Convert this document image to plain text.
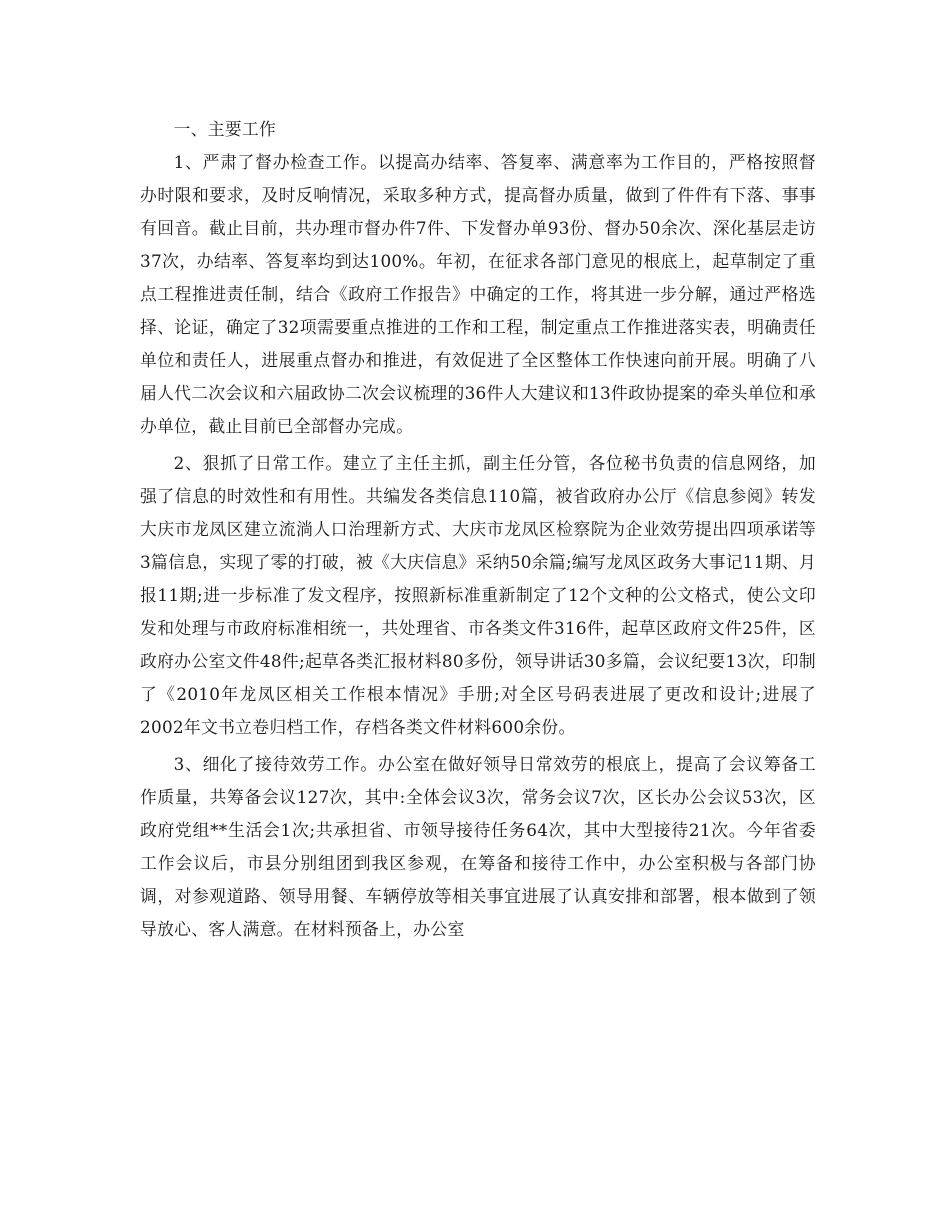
一、主要工作

1、严肃了督办检查工作。以提高办结率、答复率、满意率为工作目的，严格按照督办时限和要求，及时反响情况，采取多种方式，提高督办质量，做到了件件有下落、事事有回音。截止目前，共办理市督办件7件、下发督办单93份、督办50余次、深化基层走访37次，办结率、答复率均到达100%。年初，在征求各部门意见的根底上，起草制定了重点工程推进责任制，结合《政府工作报告》中确定的工作，将其进一步分解，通过严格选择、论证，确定了32项需要重点推进的工作和工程，制定重点工作推进落实表，明确责任单位和责任人，进展重点督办和推进，有效促进了全区整体工作快速向前开展。明确了八届人代二次会议和六届政协二次会议梳理的36件人大建议和13件政协提案的牵头单位和承办单位，截止目前已全部督办完成。

2、狠抓了日常工作。建立了主任主抓，副主任分管，各位秘书负责的信息网络，加强了信息的时效性和有用性。共编发各类信息110篇，被省政府办公厅《信息参阅》转发大庆市龙凤区建立流淌人口治理新方式、大庆市龙凤区检察院为企业效劳提出四项承诺等3篇信息，实现了零的打破，被《大庆信息》采纳50余篇;编写龙凤区政务大事记11期、月报11期;进一步标准了发文程序，按照新标准重新制定了12个文种的公文格式，使公文印发和处理与市政府标准相统一，共处理省、市各类文件316件，起草区政府文件25件，区政府办公室文件48件;起草各类汇报材料80多份，领导讲话30多篇，会议纪要13次，印制了《2010年龙凤区相关工作根本情况》手册;对全区号码表进展了更改和设计;进展了2002年文书立卷归档工作，存档各类文件材料600余份。

3、细化了接待效劳工作。办公室在做好领导日常效劳的根底上，提高了会议筹备工作质量，共筹备会议127次，其中:全体会议3次，常务会议7次，区长办公会议53次，区政府党组**生活会1次;共承担省、市领导接待任务64次，其中大型接待21次。今年省委工作会议后，市县分别组团到我区参观，在筹备和接待工作中，办公室积极与各部门协调，对参观道路、领导用餐、车辆停放等相关事宜进展了认真安排和部署，根本做到了领导放心、客人满意。在材料预备上，办公室
